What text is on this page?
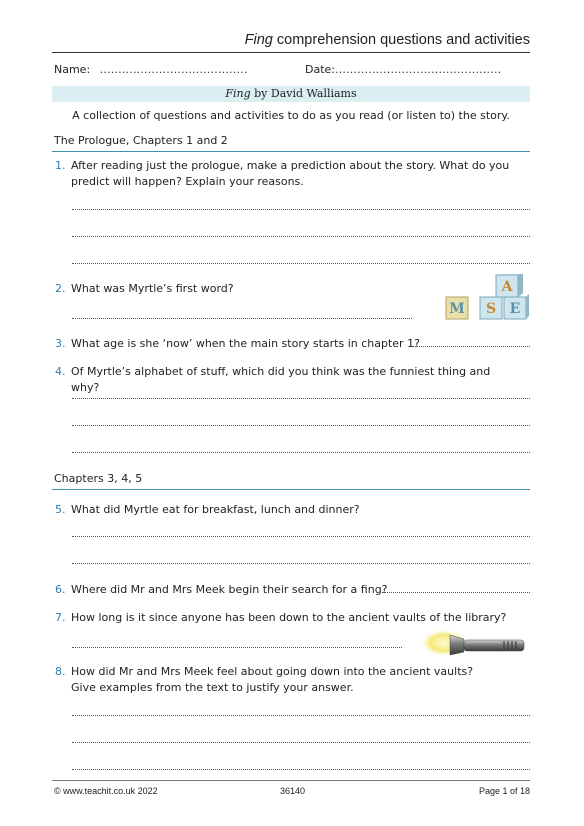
Fing comprehension questions and activities
Name: ........................................	Date:.............................................
Fing by David Walliams
A collection of questions and activities to do as you read (or listen to) the story.
The Prologue, Chapters 1 and 2
1. After reading just the prologue, make a prediction about the story. What do you predict will happen? Explain your reasons.
2. What was Myrtle’s first word?	A
M S E
3. What age is she ‘now’ when the main story starts in chapter 1?
4. Of Myrtle’s alphabet of stuff, which did you think was the funniest thing and why?
Chapters 3, 4, 5
5. What did Myrtle eat for breakfast, lunch and dinner?
6. Where did Mr and Mrs Meek begin their search for a fing?
7. How long is it since anyone has been down to the ancient vaults of the library?
8. How did Mr and Mrs Meek feel about going down into the ancient vaults? Give examples from the text to justify your answer.
© www.teachit.co.uk 2022	36140	Page 1 of 18
